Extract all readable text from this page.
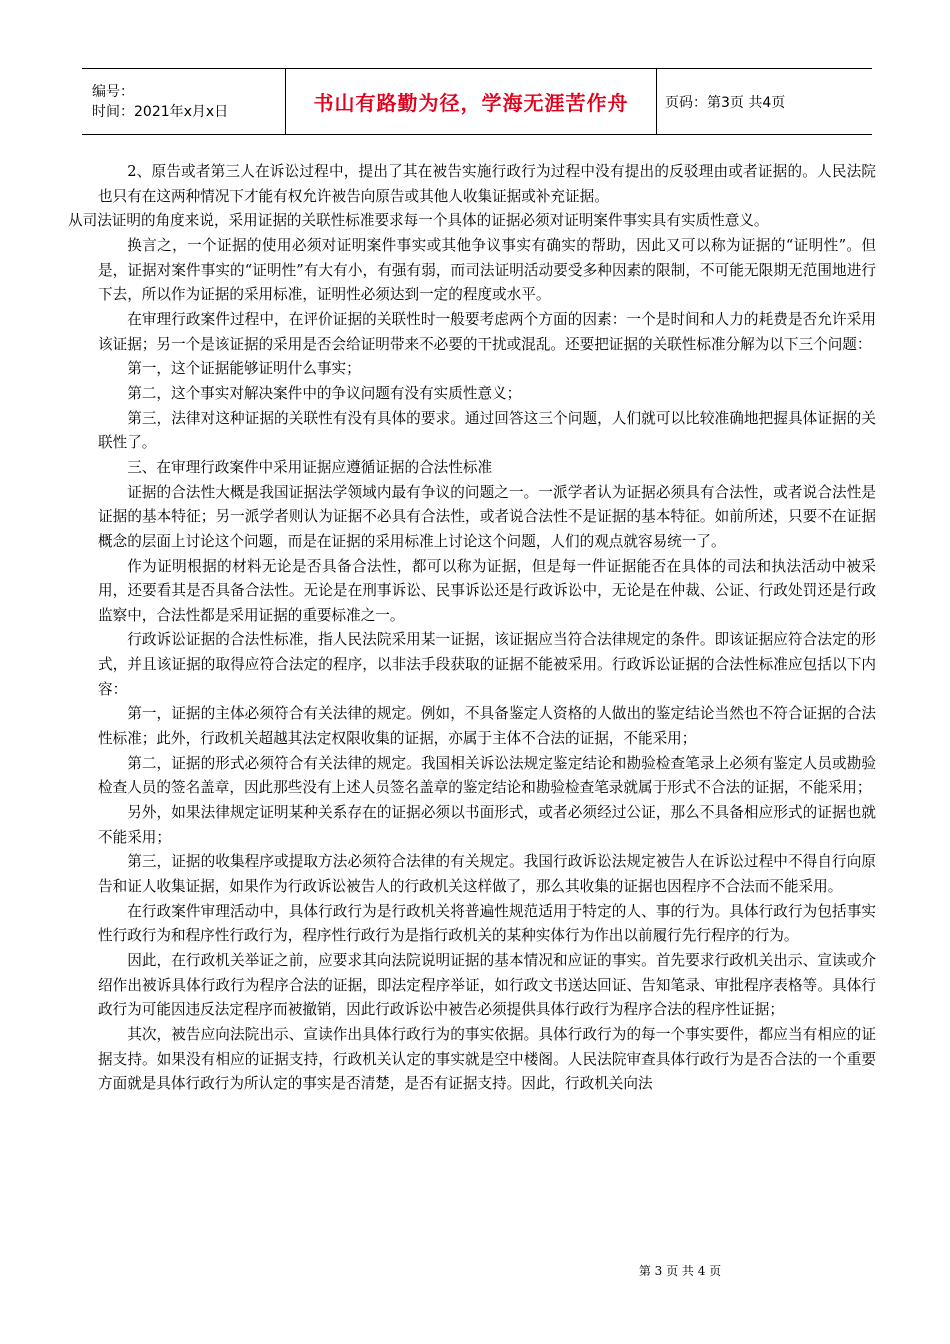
编号：
时间：2021年x月x日	书山有路勤为径，学海无涯苦作舟	页码：第3页 共4页

2、原告或者第三人在诉讼过程中，提出了其在被告实施行政行为过程中没有提出的反驳理由或者证据的。人民法院也只有在这两种情况下才能有权允许被告向原告或其他人收集证据或补充证据。

从司法证明的角度来说，采用证据的关联性标准要求每一个具体的证据必须对证明案件事实具有实质性意义。

换言之，一个证据的使用必须对证明案件事实或其他争议事实有确实的帮助，因此又可以称为证据的“证明性”。但是，证据对案件事实的“证明性”有大有小，有强有弱，而司法证明活动要受多种因素的限制，不可能无限期无范围地进行下去，所以作为证据的采用标准，证明性必须达到一定的程度或水平。

在审理行政案件过程中，在评价证据的关联性时一般要考虑两个方面的因素：一个是时间和人力的耗费是否允许采用该证据；另一个是该证据的采用是否会给证明带来不必要的干扰或混乱。还要把证据的关联性标准分解为以下三个问题：

第一，这个证据能够证明什么事实；

第二，这个事实对解决案件中的争议问题有没有实质性意义；

第三，法律对这种证据的关联性有没有具体的要求。通过回答这三个问题，人们就可以比较准确地把握具体证据的关联性了。

三、在审理行政案件中采用证据应遵循证据的合法性标准

证据的合法性大概是我国证据法学领域内最有争议的问题之一。一派学者认为证据必须具有合法性，或者说合法性是证据的基本特征；另一派学者则认为证据不必具有合法性，或者说合法性不是证据的基本特征。如前所述，只要不在证据概念的层面上讨论这个问题，而是在证据的采用标准上讨论这个问题，人们的观点就容易统一了。

作为证明根据的材料无论是否具备合法性，都可以称为证据，但是每一件证据能否在具体的司法和执法活动中被采用，还要看其是否具备合法性。无论是在刑事诉讼、民事诉讼还是行政诉讼中，无论是在仲裁、公证、行政处罚还是行政监察中，合法性都是采用证据的重要标准之一。

行政诉讼证据的合法性标准，指人民法院采用某一证据，该证据应当符合法律规定的条件。即该证据应符合法定的形式，并且该证据的取得应符合法定的程序，以非法手段获取的证据不能被采用。行政诉讼证据的合法性标准应包括以下内容：

第一，证据的主体必须符合有关法律的规定。例如，不具备鉴定人资格的人做出的鉴定结论当然也不符合证据的合法性标准；此外，行政机关超越其法定权限收集的证据，亦属于主体不合法的证据，不能采用；

第二，证据的形式必须符合有关法律的规定。我国相关诉讼法规定鉴定结论和勘验检查笔录上必须有鉴定人员或勘验检查人员的签名盖章，因此那些没有上述人员签名盖章的鉴定结论和勘验检查笔录就属于形式不合法的证据，不能采用；

另外，如果法律规定证明某种关系存在的证据必须以书面形式，或者必须经过公证，那么不具备相应形式的证据也就不能采用；

第三，证据的收集程序或提取方法必须符合法律的有关规定。我国行政诉讼法规定被告人在诉讼过程中不得自行向原告和证人收集证据，如果作为行政诉讼被告人的行政机关这样做了，那么其收集的证据也因程序不合法而不能采用。

在行政案件审理活动中，具体行政行为是行政机关将普遍性规范适用于特定的人、事的行为。具体行政行为包括事实性行政行为和程序性行政行为，程序性行政行为是指行政机关的某种实体行为作出以前履行先行程序的行为。

因此，在行政机关举证之前，应要求其向法院说明证据的基本情况和应证的事实。首先要求行政机关出示、宣读或介绍作出被诉具体行政行为程序合法的证据，即法定程序举证，如行政文书送达回证、告知笔录、审批程序表格等。具体行政行为可能因违反法定程序而被撤销，因此行政诉讼中被告必须提供具体行政行为程序合法的程序性证据；

其次，被告应向法院出示、宣读作出具体行政行为的事实依据。具体行政行为的每一个事实要件，都应当有相应的证据支持。如果没有相应的证据支持，行政机关认定的事实就是空中楼阁。人民法院审查具体行政行为是否合法的一个重要方面就是具体行政行为所认定的事实是否清楚，是否有证据支持。因此，行政机关向法

第 3 页 共 4 页
